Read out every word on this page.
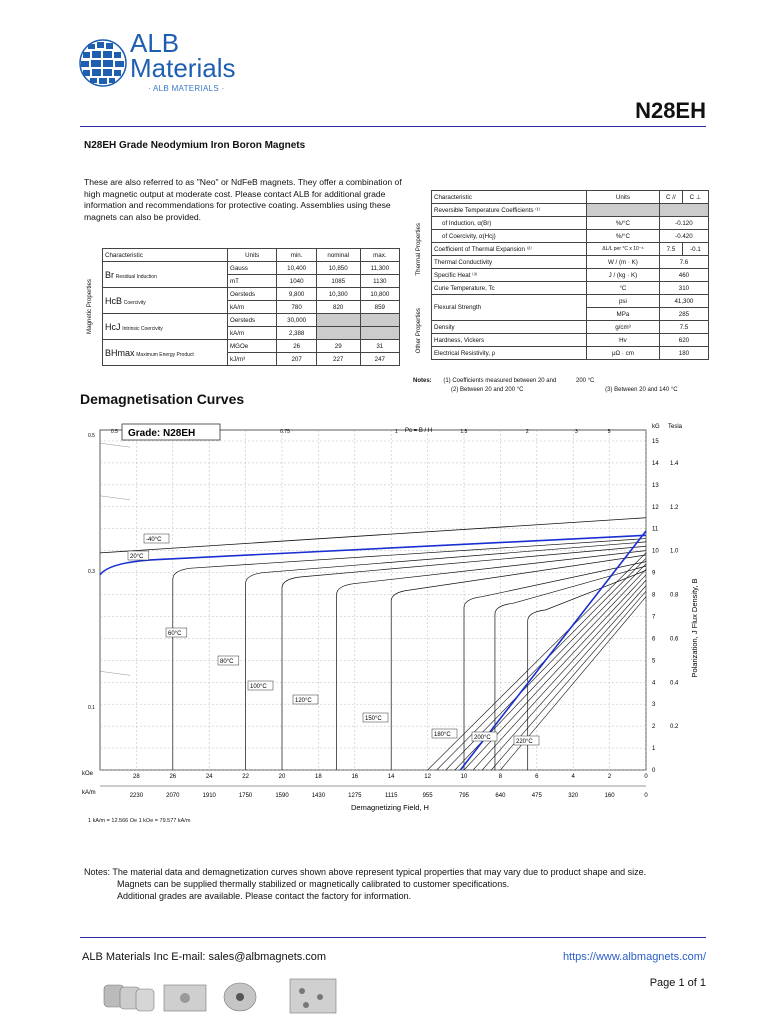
ALB
Materials
· ALB MATERIALS ·
N28EH
N28EH Grade Neodymium Iron Boron Magnets
These are also referred to as "Neo" or NdFeB magnets. They offer a combination of high magnetic output at moderate cost. Please contact ALB for additional grade information and recommendations for protective coating. Assemblies using these magnets can also be provided.
Magnetic Properties	Characteristic	Units	min.	nominal	max.
	Br Residual Induction	Gauss	10,400	10,850	11,300
		mT	1040	1085	1130
	HcB Coercivity	Oersteds	9,800	10,300	10,800
		kA/m	780	820	859
	HcJ Intrinsic Coercivity	Oersteds	30,000		
		kA/m	2,388		
	BHmax Maximum Energy Product	MGOe	26	29	31
		kJ/m³	207	227	247
	Characteristic	Units	C //	C ⊥

Thermal Properties	Reversible Temperature Coefficients ⁽¹⁾			
	of Induction, α(Br)	%/°C	-0.120	
	of Coercivity, α(Hcj)	%/°C	-0.420	
	Coefficient of Thermal Expansion ⁽²⁾	ΔL/L per °C x 10⁻⁶	7.5	-0.1
	Thermal Conductivity	W / (m · K)	7.6	
	Specific Heat ⁽³⁾	J / (kg · K)	460	
	Curie Temperature, Tc	°C	310	

Other Properties	Flexural Strength	psi	41,300	
		MPa	285	
	Density	g/cm³	7.5	
	Hardness, Vickers	Hv	620	
	Electrical Resistivity, ρ	μΩ · cm	180	

Notes: (1) Coefficients measured between 20 and	200 °C
(2) Between 20 and 200 °C	(3) Between 20 and 140 °C
Demagnetisation Curves
28
2230
26
2070
24
1910
22
1750
20
1590
18
1430
16
1275
14
1115
12
955
10
795
8
640
6
475
4
320
2
160
0
0
15
14
13
12
11
10
9
8
7
6
5
4
3
2
1
0
1.4
1.2
1.0
0.8
0.6
0.4
0.2
0.5	0.75	1	1.5	2	3	5
0.5
0.3
0.1
-40°C
20°C
60°C
80°C
100°C
120°C
150°C
180°C	200°C
220°C
Grade: N28EH
Demagnetizing Field, H
Polarization, J Flux Density, B
kOe
kA/m
kG Tesla
Pc = B / H
1 kA/m = 12.566 Oe 1 kOe = 79.577 kA/m
Notes: The material data and demagnetization curves shown above represent typical properties that may vary due to product shape and size.
Magnets can be supplied thermally stabilized or magnetically calibrated to customer specifications.
Additional grades are available. Please contact the factory for information.
ALB Materials Inc E-mail: sales@albmagnets.com	https://www.albmagnets.com/
Page 1 of 1
